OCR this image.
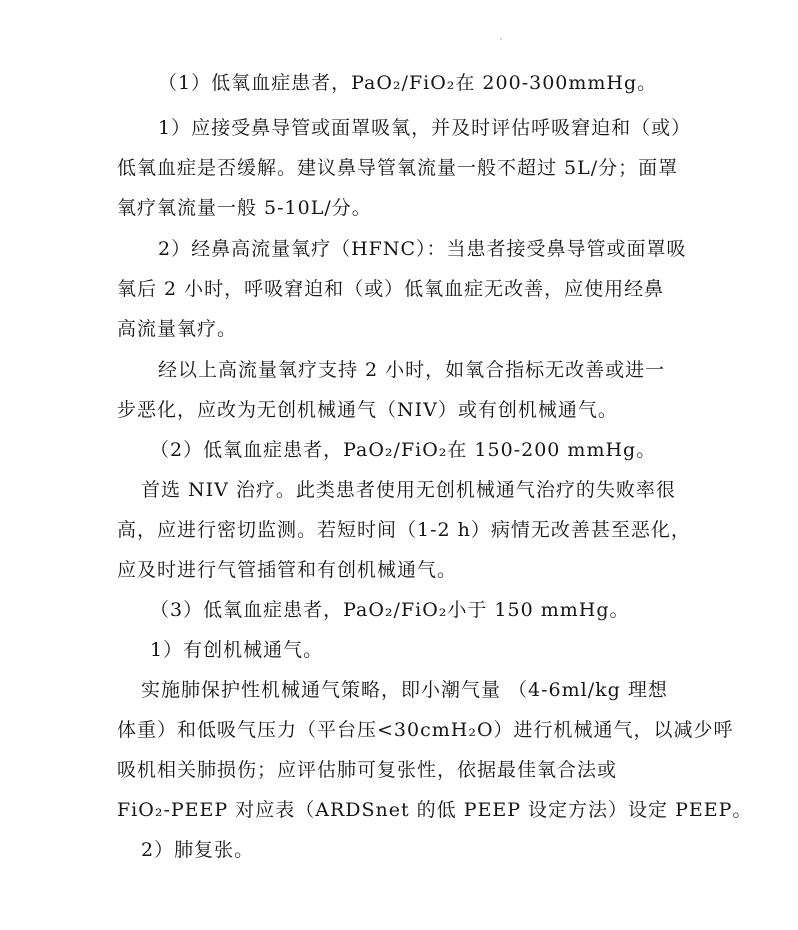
（1）低氧血症患者，PaO₂/FiO₂在 200-300mmHg。
1）应接受鼻导管或面罩吸氧，并及时评估呼吸窘迫和（或）
低氧血症是否缓解。建议鼻导管氧流量一般不超过 5L/分；面罩
氧疗氧流量一般 5-10L/分。
2）经鼻高流量氧疗（HFNC）：当患者接受鼻导管或面罩吸
氧后 2 小时，呼吸窘迫和（或）低氧血症无改善，应使用经鼻
高流量氧疗。
经以上高流量氧疗支持 2 小时，如氧合指标无改善或进一
步恶化，应改为无创机械通气（NIV）或有创机械通气。
（2）低氧血症患者，PaO₂/FiO₂在 150-200 mmHg。
首选 NIV 治疗。此类患者使用无创机械通气治疗的失败率很
高，应进行密切监测。若短时间（1-2 h）病情无改善甚至恶化，
应及时进行气管插管和有创机械通气。
（3）低氧血症患者，PaO₂/FiO₂小于 150 mmHg。
1）有创机械通气。
实施肺保护性机械通气策略，即小潮气量 （4-6ml/kg 理想
体重）和低吸气压力（平台压<30cmH₂O）进行机械通气，以减少呼
吸机相关肺损伤；应评估肺可复张性，依据最佳氧合法或
FiO₂-PEEP 对应表（ARDSnet 的低 PEEP 设定方法）设定 PEEP。
2）肺复张。
